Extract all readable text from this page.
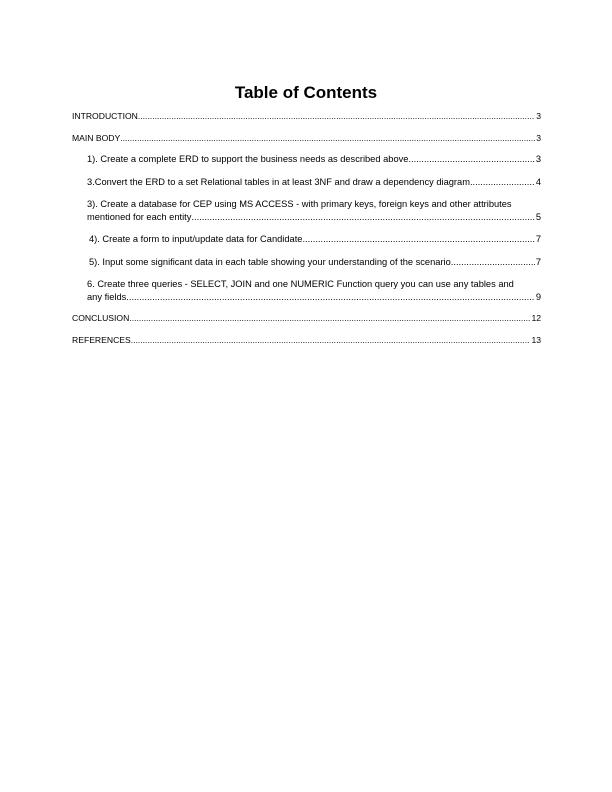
Table of Contents
INTRODUCTION .....	3
MAIN BODY .....	3
1). Create a complete ERD to support the business needs as described above. .....	3
3.Convert the ERD to a set Relational tables in at least 3NF and draw a dependency diagram. .....	4
3). Create a database for CEP using MS ACCESS - with primary keys, foreign keys and other attributes
mentioned for each entity .....	5
4). Create a form to input/update data for Candidate. .....	7
5). Input some significant data in each table showing your understanding of the scenario. .....	7
6. Create three queries - SELECT, JOIN and one NUMERIC Function query you can use any tables and
any fields .....	9
CONCLUSION .....	12
REFERENCES .....	13
